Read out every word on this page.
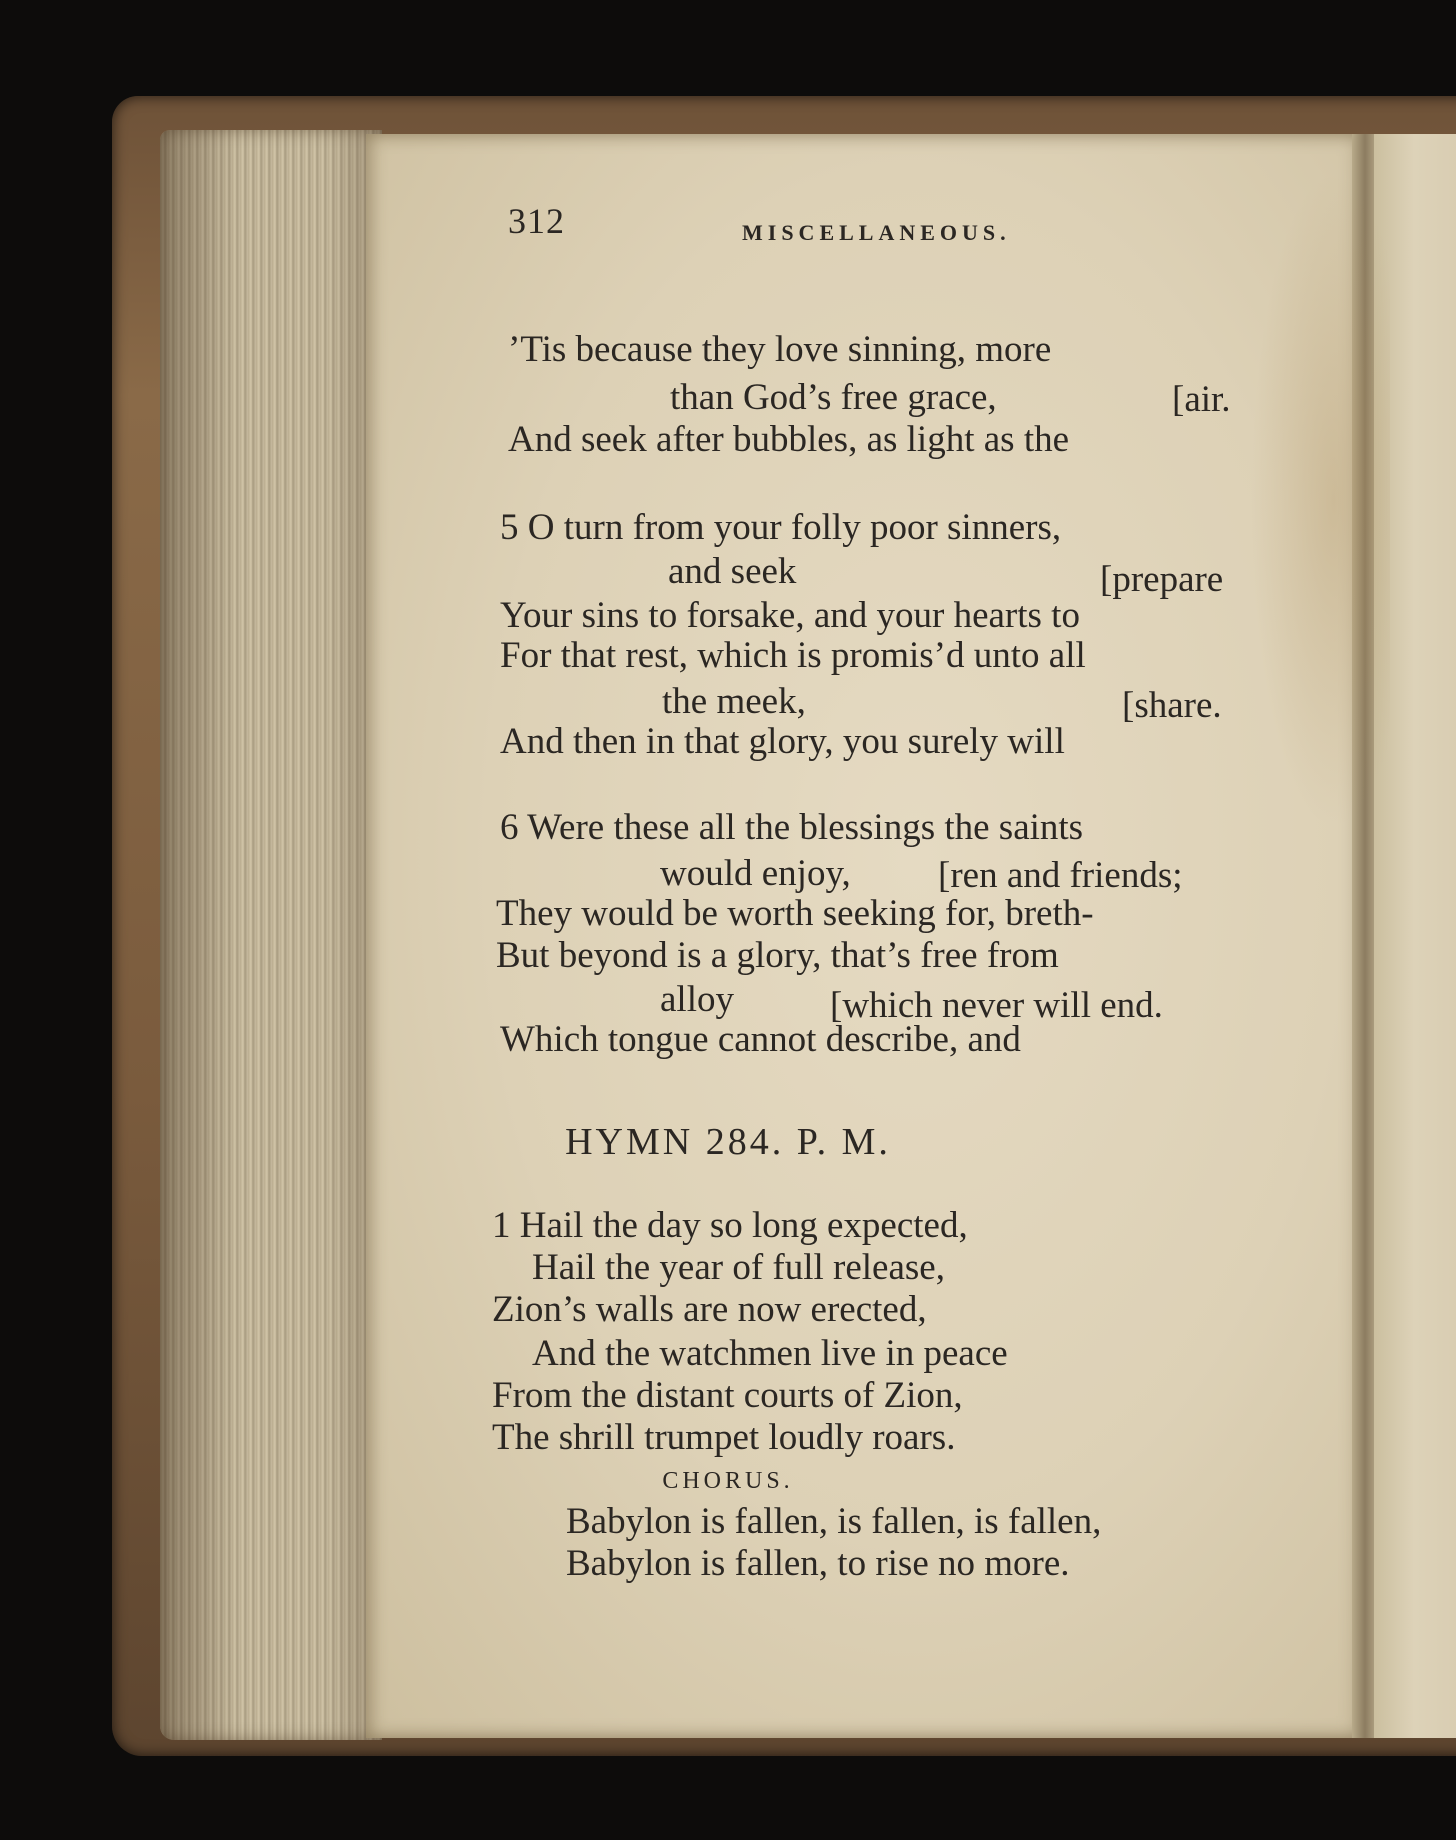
312	MISCELLANEOUS.
’Tis because they love sinning, more
than God’s free grace,	[air.
And seek after bubbles, as light as the
5 O turn from your folly poor sinners,
and seek	[prepare
Your sins to forsake, and your hearts to
For that rest, which is promis’d unto all
the meek,	[share.
And then in that glory, you surely will
6 Were these all the blessings the saints
would enjoy, [ren and friends;
They would be worth seeking for, breth-
But beyond is a glory, that’s free from
alloy	[which never will end.
Which tongue cannot describe, and
HYMN 284. P. M.
1 Hail the day so long expected,
Hail the year of full release,
Zion’s walls are now erected,
And the watchmen live in peace
From the distant courts of Zion,
The shrill trumpet loudly roars.
CHORUS.
Babylon is fallen, is fallen, is fallen,
Babylon is fallen, to rise no more.
